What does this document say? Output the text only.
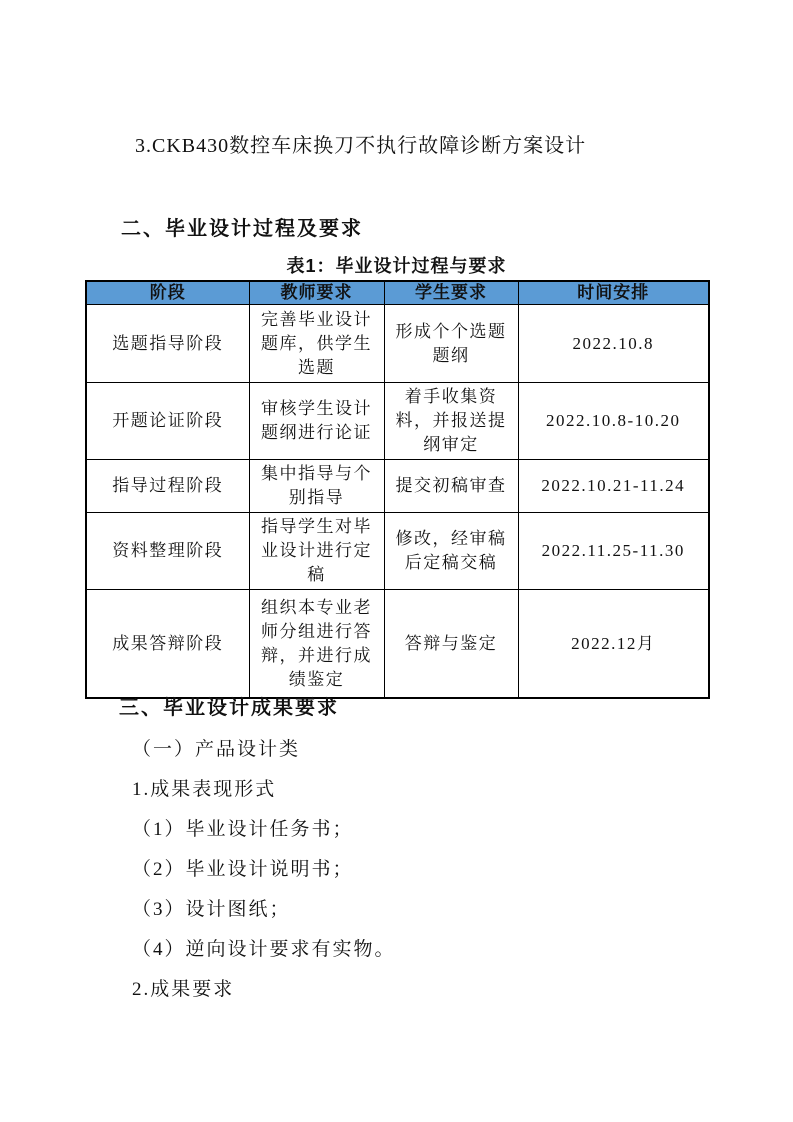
3.CKB430数控车床换刀不执行故障诊断方案设计
二、毕业设计过程及要求
表1：毕业设计过程与要求
阶段	教师要求	学生要求	时间安排
选题指导阶段	完善毕业设计题库，供学生选题	形成个个选题题纲	2022.10.8
开题论证阶段	审核学生设计题纲进行论证	着手收集资料，并报送提纲审定	2022.10.8-10.20
指导过程阶段	集中指导与个别指导	提交初稿审查	2022.10.21-11.24
资料整理阶段	指导学生对毕业设计进行定稿	修改，经审稿后定稿交稿	2022.11.25-11.30
成果答辩阶段	组织本专业老师分组进行答辩，并进行成绩鉴定	答辩与鉴定	2022.12月
三、毕业设计成果要求

（一）产品设计类

1.成果表现形式

（1）毕业设计任务书；

（2）毕业设计说明书；

（3）设计图纸；

（4）逆向设计要求有实物。

2.成果要求
